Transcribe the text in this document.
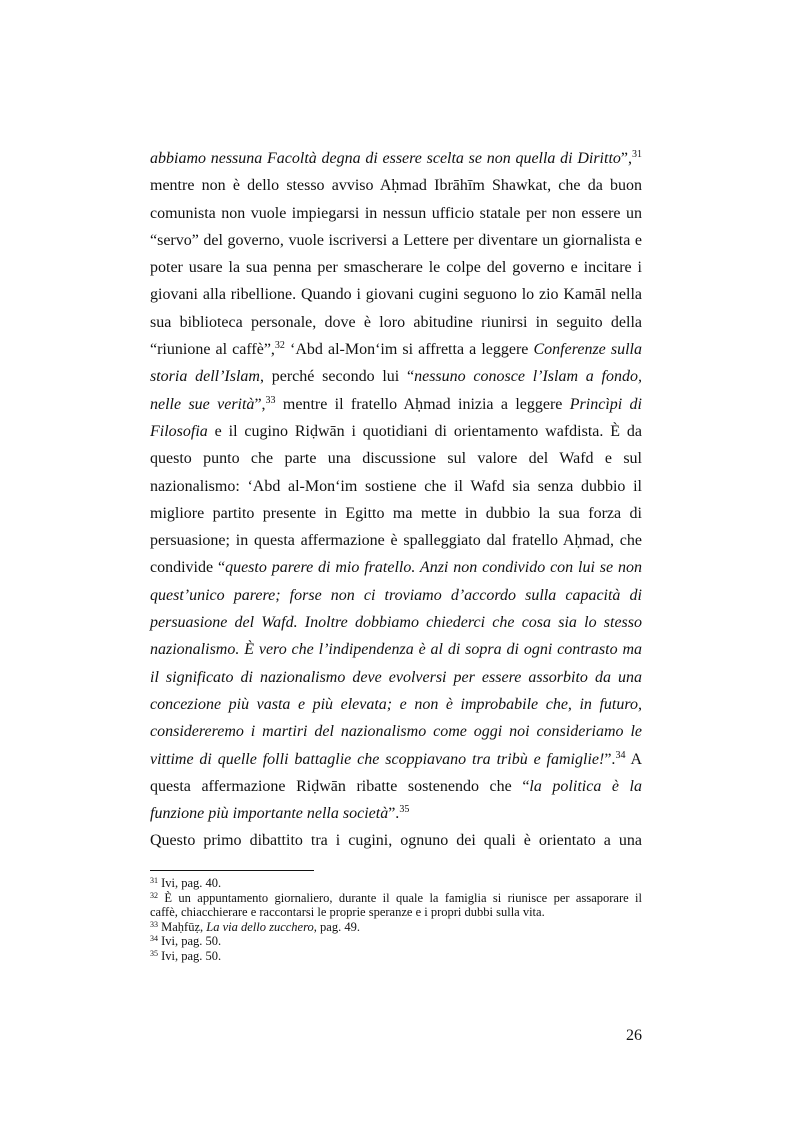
abbiamo nessuna Facoltà degna di essere scelta se non quella di Diritto”,$^{31}$
mentre non è dello stesso avviso Aḥmad Ibrāhīm Shawkat, che da buon
comunista non vuole impiegarsi in nessun ufficio statale per non essere un
“servo” del governo, vuole iscriversi a Lettere per diventare un giornalista e
poter usare la sua penna per smascherare le colpe del governo e incitare i
giovani alla ribellione. Quando i giovani cugini seguono lo zio Kamāl nella
sua biblioteca personale, dove è loro abitudine riunirsi in seguito della
“riunione al caffè”,$^{32}$ ‘Abd al-Mon‘im si affretta a leggere Conferenze sulla
storia dell’Islam, perché secondo lui “nessuno conosce l’Islam a fondo,
nelle sue verità”,$^{33}$ mentre il fratello Aḥmad inizia a leggere Princìpi di
Filosofia e il cugino Riḍwān i quotidiani di orientamento wafdista. È da
questo punto che parte una discussione sul valore del Wafd e sul
nazionalismo: ‘Abd al-Mon‘im sostiene che il Wafd sia senza dubbio il
migliore partito presente in Egitto ma mette in dubbio la sua forza di
persuasione; in questa affermazione è spalleggiato dal fratello Aḥmad, che
condivide “questo parere di mio fratello. Anzi non condivido con lui se non
quest’unico parere; forse non ci troviamo d’accordo sulla capacità di
persuasione del Wafd. Inoltre dobbiamo chiederci che cosa sia lo stesso
nazionalismo. È vero che l’indipendenza è al di sopra di ogni contrasto ma
il significato di nazionalismo deve evolversi per essere assorbito da una
concezione più vasta e più elevata; e non è improbabile che, in futuro,
considereremo i martiri del nazionalismo come oggi noi consideriamo le
vittime di quelle folli battaglie che scoppiavano tra tribù e famiglie!”.$^{34}$ A
questa affermazione Riḍwān ribatte sostenendo che “la politica è la
funzione più importante nella società”.$^{35}$
Questo primo dibattito tra i cugini, ognuno dei quali è orientato a una
$^{31}$ Ivi, pag. 40.
$^{32}$ È un appuntamento giornaliero, durante il quale la famiglia si riunisce per assaporare il
caffè, chiacchierare e raccontarsi le proprie speranze e i propri dubbi sulla vita.
$^{33}$ Maḥfūẓ, La via dello zucchero, pag. 49.
$^{34}$ Ivi, pag. 50.
$^{35}$ Ivi, pag. 50.
26
